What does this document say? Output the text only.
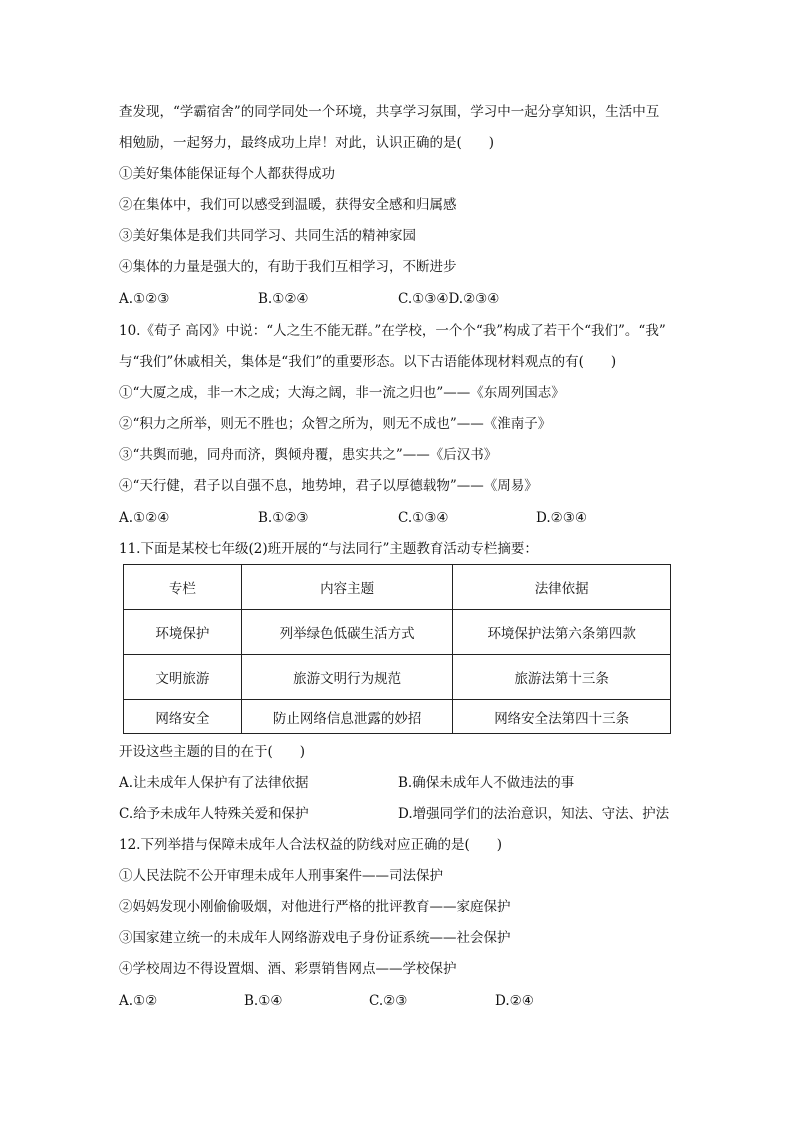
查发现，“学霸宿舍”的同学同处一个环境，共享学习氛围，学习中一起分享知识，生活中互
相勉励，一起努力，最终成功上岸！对此，认识正确的是(　　)
①美好集体能保证每个人都获得成功
②在集体中，我们可以感受到温暖，获得安全感和归属感
③美好集体是我们共同学习、共同生活的精神家园
④集体的力量是强大的，有助于我们互相学习，不断进步
A.①②③	B.①②④	C.①③④D.②③④
10.《荀子 高冈》中说：“人之生不能无群。”在学校，一个个“我”构成了若干个“我们”。“我”
与“我们”休戚相关，集体是“我们”的重要形态。以下古语能体现材料观点的有(　　)
①“大厦之成，非一木之成；大海之阔，非一流之归也”——《东周列国志》
②“积力之所举，则无不胜也；众智之所为，则无不成也”——《淮南子》
③“共舆而驰，同舟而济，舆倾舟覆，患实共之”——《后汉书》
④“天行健，君子以自强不息，地势坤，君子以厚德载物”——《周易》
A.①②④	B.①②③	C.①③④	D.②③④
11.下面是某校七年级(2)班开展的“与法同行”主题教育活动专栏摘要：
专栏	内容主题	法律依据
环境保护	列举绿色低碳生活方式	环境保护法第六条第四款
文明旅游	旅游文明行为规范	旅游法第十三条
网络安全	防止网络信息泄露的妙招	网络安全法第四十三条
开设这些主题的目的在于(　　)
A.让未成年人保护有了法律依据	B.确保未成年人不做违法的事
C.给予未成年人特殊关爱和保护	D.增强同学们的法治意识，知法、守法、护法
12.下列举措与保障未成年人合法权益的防线对应正确的是(　　)
①人民法院不公开审理未成年人刑事案件——司法保护
②妈妈发现小刚偷偷吸烟，对他进行严格的批评教育——家庭保护
③国家建立统一的未成年人网络游戏电子身份证系统——社会保护
④学校周边不得设置烟、酒、彩票销售网点——学校保护
A.①②	B.①④	C.②③	D.②④
